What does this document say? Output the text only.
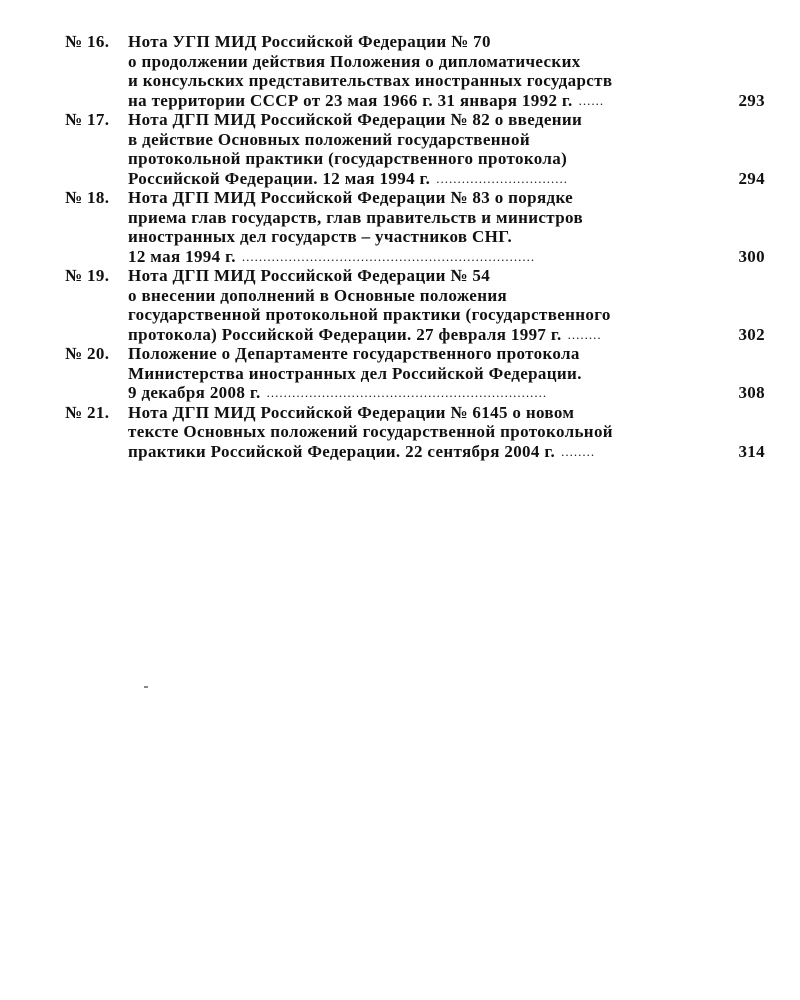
№ 16.	Нота УГП МИД Российской Федерации № 70
о продолжении действия Положения о дипломатических
и консульских представительствах иностранных государств
на территории СССР от 23 мая 1966 г. 31 января 1992 г. ......	293
№ 17.	Нота ДГП МИД Российской Федерации № 82 о введении
в действие Основных положений государственной
протокольной практики (государственного протокола)
Российской Федерации. 12 мая 1994 г. ...............................	294
№ 18.	Нота ДГП МИД Российской Федерации № 83 о порядке
приема глав государств, глав правительств и министров
иностранных дел государств – участников СНГ.
12 мая 1994 г. .....................................................................	300
№ 19.	Нота ДГП МИД Российской Федерации № 54
о внесении дополнений в Основные положения
государственной протокольной практики (государственного
протокола) Российской Федерации. 27 февраля 1997 г. ........	302
№ 20.	Положение о Департаменте государственного протокола
Министерства иностранных дел Российской Федерации.
9 декабря 2008 г. ..................................................................	308
№ 21.	Нота ДГП МИД Российской Федерации № 6145 о новом
тексте Основных положений государственной протокольной
практики Российской Федерации. 22 сентября 2004 г. ........	314
